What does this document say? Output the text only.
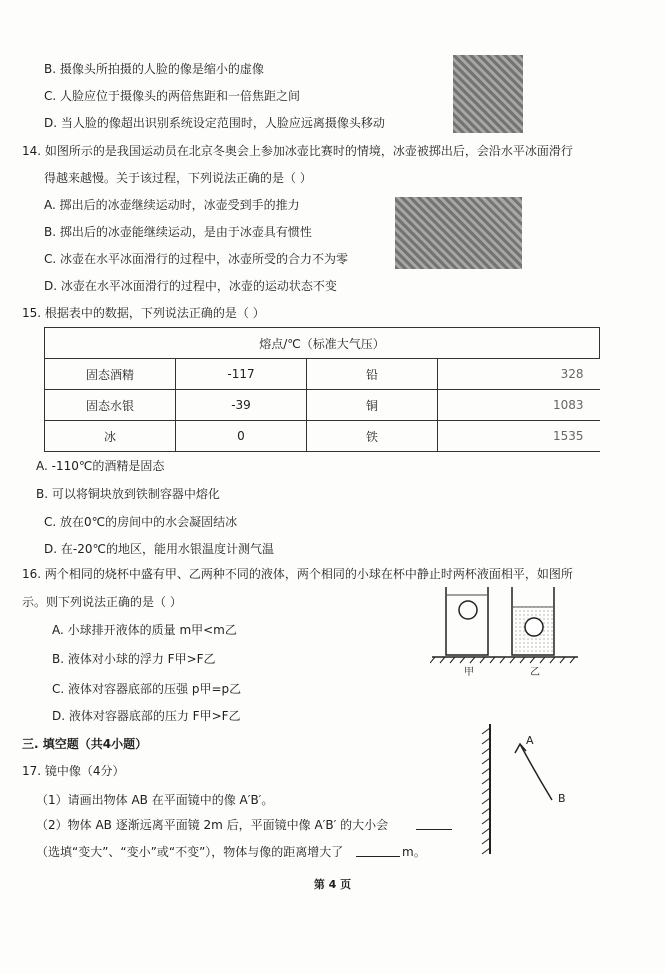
B. 摄像头所拍摄的人脸的像是缩小的虚像
C. 人脸应位于摄像头的两倍焦距和一倍焦距之间
D. 当人脸的像超出识别系统设定范围时，人脸应远离摄像头移动
14. 如图所示的是我国运动员在北京冬奥会上参加冰壶比赛时的情境，冰壶被掷出后，会沿水平冰面滑行
得越来越慢。关于该过程，下列说法正确的是（ ）
A. 掷出后的冰壶继续运动时，冰壶受到手的推力
B. 掷出后的冰壶能继续运动，是由于冰壶具有惯性
C. 冰壶在水平冰面滑行的过程中，冰壶所受的合力不为零
D. 冰壶在水平冰面滑行的过程中，冰壶的运动状态不变
15. 根据表中的数据，下列说法正确的是（ ）
熔点/℃（标准大气压）			
固态酒精	-117	铅	328
固态水银	-39	铜	1083
冰	0	铁	1535
A. -110℃的酒精是固态
B. 可以将铜块放到铁制容器中熔化
C. 放在0℃的房间中的水会凝固结冰
D. 在-20℃的地区，能用水银温度计测气温
16. 两个相同的烧杯中盛有甲、乙两种不同的液体，两个相同的小球在杯中静止时两杯液面相平，如图所
示。则下列说法正确的是（ ）
A. 小球排开液体的质量 m甲<m乙
B. 液体对小球的浮力 F甲>F乙
C. 液体对容器底部的压强 p甲=p乙
D. 液体对容器底部的压力 F甲>F乙
甲	乙
三. 填空题（共4小题）
17. 镜中像（4分）
（1）请画出物体 AB 在平面镜中的像 A′B′。
（2）物体 AB 逐渐远离平面镜 2m 后，平面镜中像 A′B′ 的大小会
（选填“变大”、“变小”或“不变”），物体与像的距离增大了	m。
A
B
第 4 页
